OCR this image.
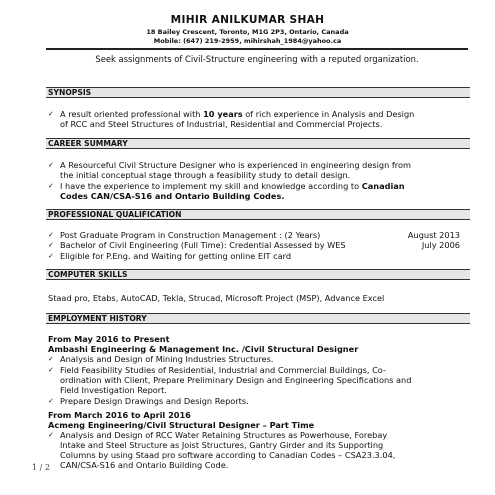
MIHIR ANILKUMAR SHAH
18 Bailey Crescent, Toronto, M1G 2P3, Ontario, Canada
Mobile: (647) 219-2959, mihirshah_1984@yahoo.ca
Seek assignments of Civil-Structure engineering with a reputed organization.
SYNOPSIS
✓ A result oriented professional with 10 years of rich experience in Analysis and Design
of RCC and Steel Structures of Industrial, Residential and Commercial Projects.
CAREER SUMMARY
✓ A Resourceful Civil Structure Designer who is experienced in engineering design from
the initial conceptual stage through a feasibility study to detail design.
✓ I have the experience to implement my skill and knowledge according to Canadian
Codes CAN/CSA-S16 and Ontario Building Codes.
PROFESSIONAL QUALIFICATION
✓ Post Graduate Program in Construction Management : (2 Years)	August 2013
✓ Bachelor of Civil Engineering (Full Time): Credential Assessed by WES	July 2006
✓ Eligible for P.Eng. and Waiting for getting online EIT card
COMPUTER SKILLS
Staad pro, Etabs, AutoCAD, Tekla, Strucad, Microsoft Project (MSP), Advance Excel
EMPLOYMENT HISTORY
From May 2016 to Present
Ambashi Engineering & Management Inc. /Civil Structural Designer
✓ Analysis and Design of Mining Industries Structures.
✓ Field Feasibility Studies of Residential, Industrial and Commercial Buildings, Co-
ordination with Client, Prepare Preliminary Design and Engineering Specifications and
Field Investigation Report.
✓ Prepare Design Drawings and Design Reports.
From March 2016 to April 2016
Acmeng Engineering/Civil Structural Designer – Part Time
✓ Analysis and Design of RCC Water Retaining Structures as Powerhouse, Forebay
Intake and Steel Structure as Joist Structures, Gantry Girder and its Supporting
Columns by using Staad pro software according to Canadian Codes – CSA23.3.04,
CAN/CSA-S16 and Ontario Building Code.
1 / 2
